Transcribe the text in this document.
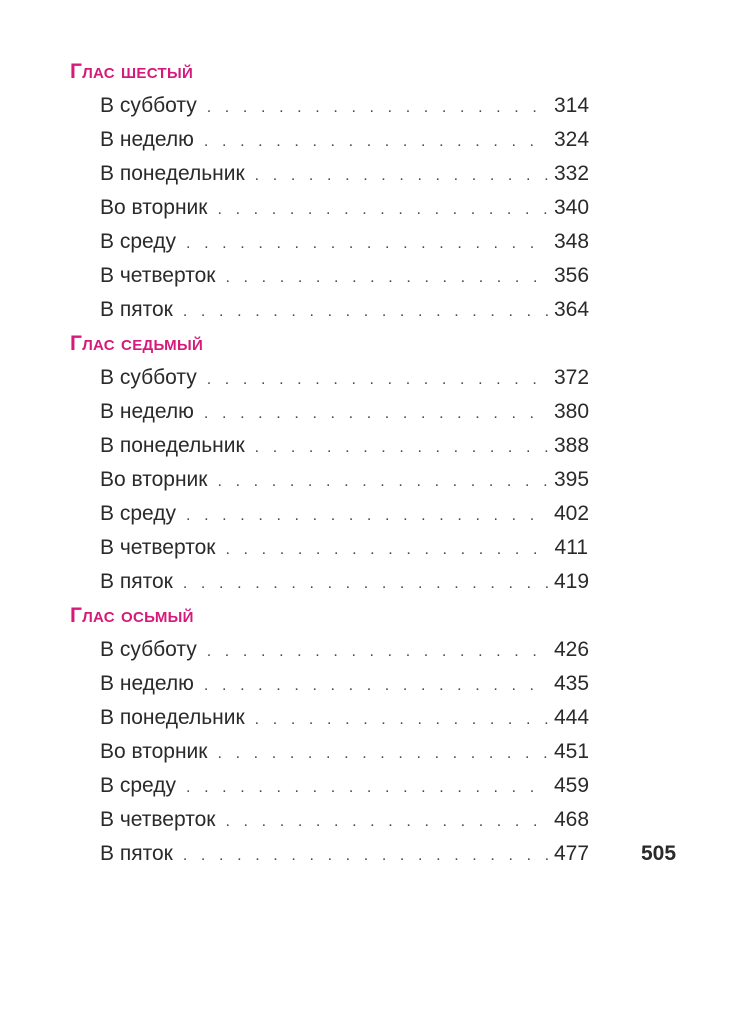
Глас шестый
В субботу . . .	314
В неделю . . .	324
В понедельник . . .	332
Во вторник . . .	340
В среду . . .	348
В четверток . . .	356
В пяток . . .	364
Глас седьмый
В субботу . . .	372
В неделю . . .	380
В понедельник . . .	388
Во вторник . . .	395
В среду . . .	402
В четверток . . .	411
В пяток . . .	419
Глас осьмый
В субботу . . .	426
В неделю . . .	435
В понедельник . . .	444
Во вторник . . .	451
В среду . . .	459
В четверток . . .	468
В пяток . . .	477 505
